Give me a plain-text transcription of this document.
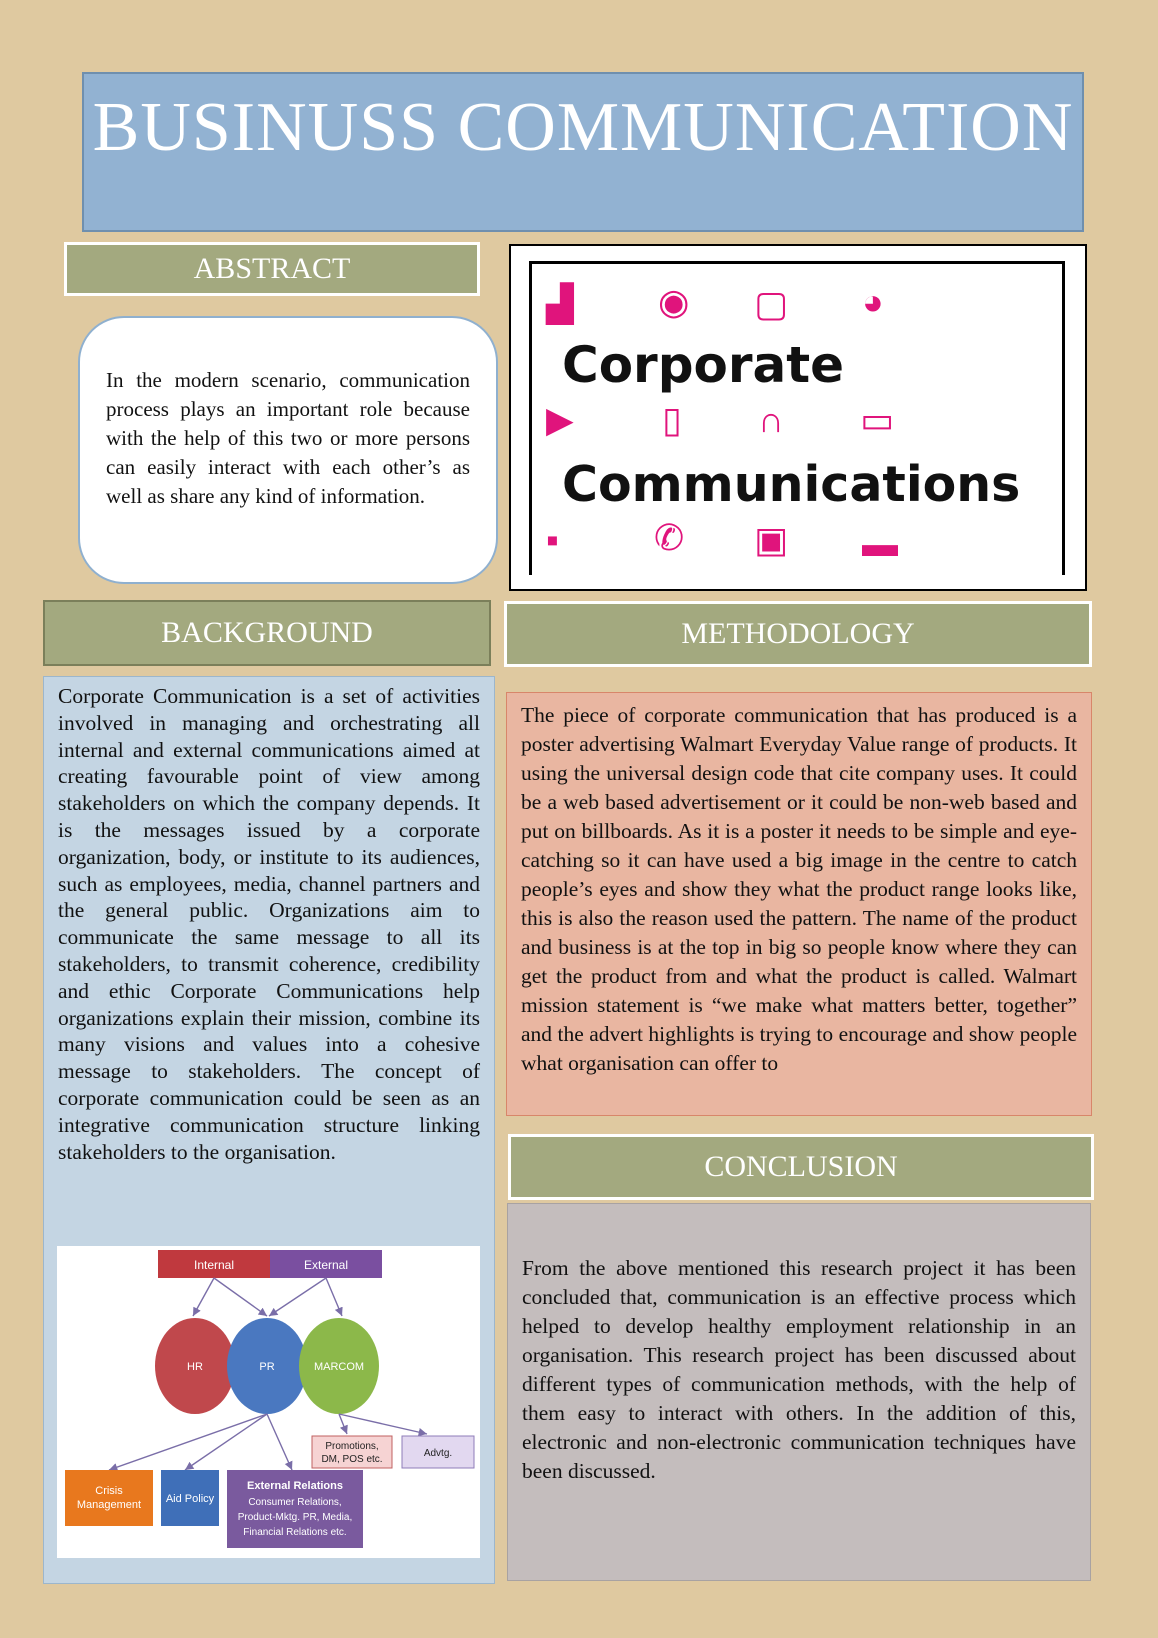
BUSINUSS COMMUNICATION
ABSTRACT

In the modern scenario, communication process plays an important role because with the help of this two or more persons can easily interact with each other’s as well as share any kind of information.

▟ ◉ ▢ ◕
Corporate
▶ ▯ ∩ ▭
Communications
▪	✆ ▣ ▬
BACKGROUND

Corporate Communication is a set of activities involved in managing and orchestrating all internal and external communications aimed at creating favourable point of view among stakeholders on which the company depends. It is the messages issued by a corporate organization, body, or institute to its audiences, such as employees, media, channel partners and the general public. Organizations aim to communicate the same message to all its stakeholders, to transmit coherence, credibility and ethic Corporate Communications help organizations explain their mission, combine its many visions and values into a cohesive message to stakeholders. The concept of corporate communication could be seen as an integrative communication structure linking stakeholders to the organisation.

Internal	External
HR	PR	MARCOM
Promotions,
DM, POS etc.
Advtg.
Crisis
Management Aid Policy
External Relations
Consumer Relations,
Product-Mktg. PR, Media,
Financial Relations etc.
METHODOLOGY

The piece of corporate communication that has produced is a poster advertising Walmart Everyday Value range of products. It using the universal design code that cite company uses. It could be a web based advertisement or it could be non-web based and put on billboards. As it is a poster it needs to be simple and eye-catching so it can have used a big image in the centre to catch people’s eyes and show they what the product range looks like, this is also the reason used the pattern. The name of the product and business is at the top in big so people know where they can get the product from and what the product is called. Walmart mission statement is “we make what matters better, together” and the advert highlights is trying to encourage and show people what organisation can offer to

CONCLUSION

From the above mentioned this research project it has been concluded that, communication is an effective process which helped to develop healthy employment relationship in an organisation. This research project has been discussed about different types of communication methods, with the help of them easy to interact with others. In the addition of this, electronic and non-electronic communication techniques have been discussed.
